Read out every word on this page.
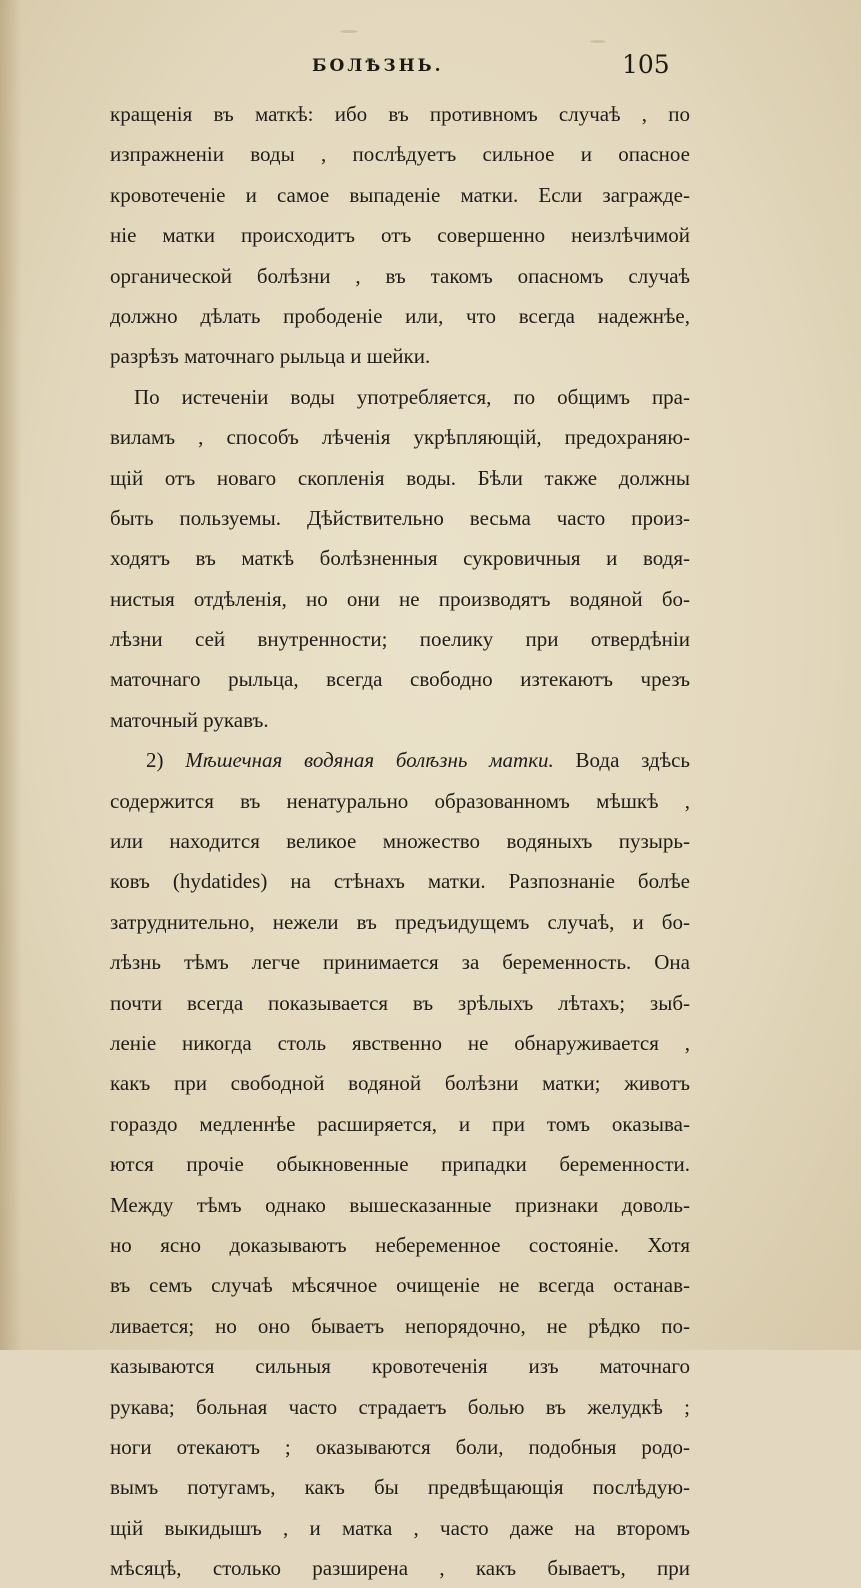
БОЛѢЗНЬ.	105
кращенія въ маткѣ: ибо въ противномъ случаѣ , по
изпражненіи воды , послѣдуетъ сильное и опасное
кровотеченіе и самое выпаденіе матки. Если загражде-
ніе матки происходитъ отъ совершенно неизлѣчимой
органической болѣзни , въ такомъ опасномъ случаѣ
должно дѣлать прободеніе или, что всегда надежнѣе,
разрѣзъ маточнаго рыльца и шейки.
По истеченіи воды употребляется, по общимъ пра-
виламъ , способъ лѣченія укрѣпляющій, предохраняю-
щій отъ новаго скопленія воды. Бѣли также должны
быть пользуемы. Дѣйствительно весьма часто произ-
ходятъ въ маткѣ болѣзненныя сукровичныя и водя-
нистыя отдѣленія, но они не производятъ водяной бо-
лѣзни сей внутренности; поелику при отвердѣніи
маточнаго рыльца, всегда свободно изтекаютъ чрезъ
маточный рукавъ.
2) Мѣшечная водяная болѣзнь матки. Вода здѣсь
содержится въ ненатурально образованномъ мѣшкѣ ,
или находится великое множество водяныхъ пузырь-
ковъ (hydatides) на стѣнахъ матки. Разпознаніе болѣе
затруднительно, нежели въ предъидущемъ случаѣ, и бо-
лѣзнь тѣмъ легче принимается за беременность. Она
почти всегда показывается въ зрѣлыхъ лѣтахъ; зыб-
леніе никогда столь явственно не обнаруживается ,
какъ при свободной водяной болѣзни матки; животъ
гораздо медленнѣе расширяется, и при томъ оказыва-
ются прочіе обыкновенные припадки беременности.
Между тѣмъ однако вышесказанные признаки доволь-
но ясно доказываютъ небеременное состояніе. Хотя
въ семъ случаѣ мѣсячное очищеніе не всегда останав-
ливается; но оно бываетъ непорядочно, не рѣдко по-
казываются сильныя кровотеченія изъ маточнаго
рукава; больная часто страдаетъ болью въ желудкѣ ;
ноги отекаютъ ; оказываются боли, подобныя родо-
вымъ потугамъ, какъ бы предвѣщающія послѣдую-
щій выкидышъ , и матка , часто даже на второмъ
мѣсяцѣ, столько разширена , какъ бываетъ, при
